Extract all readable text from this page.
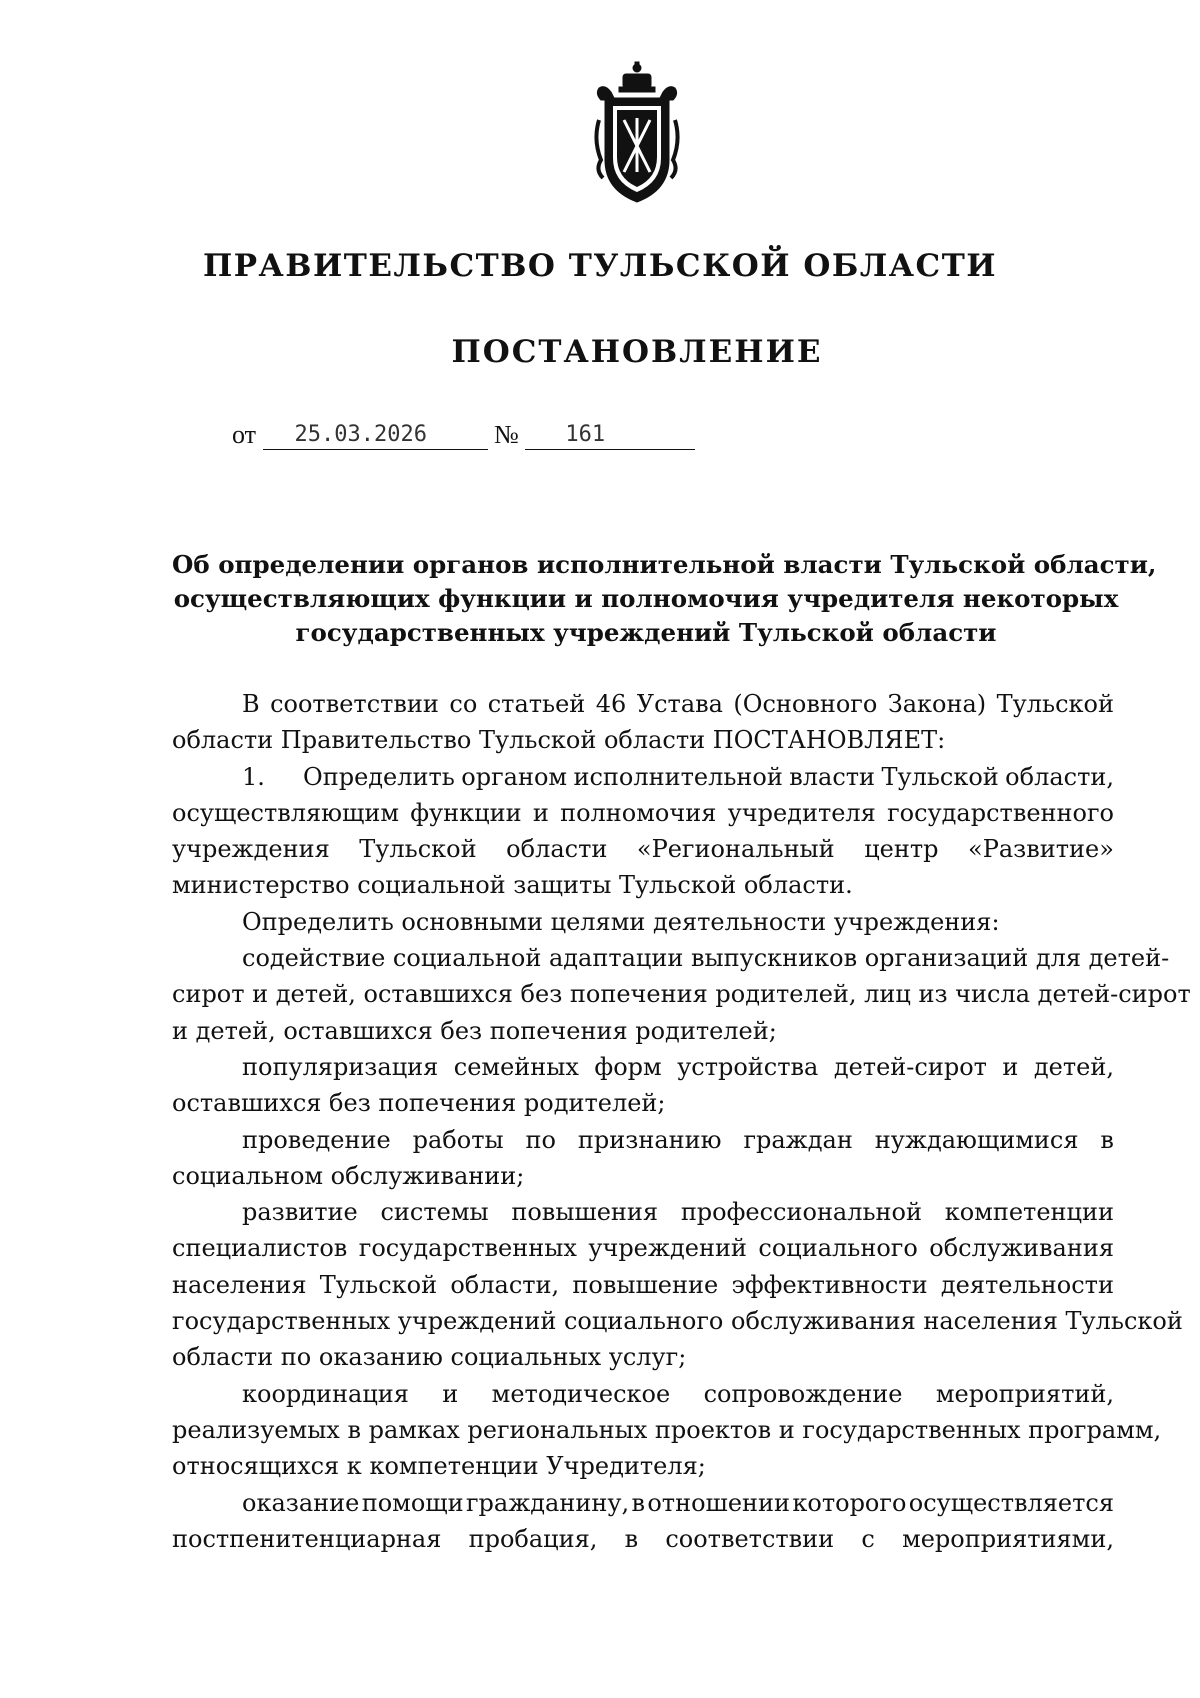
ПРАВИТЕЛЬСТВО ТУЛЬСКОЙ ОБЛАСТИ
ПОСТАНОВЛЕНИЕ
от 25.03.2026	№ 161
Об определении органов исполнительной власти Тульской области,
осуществляющих функции и полномочия учредителя некоторых
государственных учреждений Тульской области
В соответствии со статьей 46 Устава (Основного Закона) Тульской
области Правительство Тульской области ПОСТАНОВЛЯЕТ:
1.     Определить органом исполнительной власти Тульской области,
осуществляющим функции и полномочия учредителя государственного
учреждения Тульской области «Региональный центр «Развитие»
министерство социальной защиты Тульской области.
Определить основными целями деятельности учреждения:
содействие социальной адаптации выпускников организаций для детей-
сирот и детей, оставшихся без попечения родителей, лиц из числа детей-сирот
и детей, оставшихся без попечения родителей;
популяризация семейных форм устройства детей-сирот и детей,
оставшихся без попечения родителей;
проведение работы по признанию граждан нуждающимися в
социальном обслуживании;
развитие системы повышения профессиональной компетенции
специалистов государственных учреждений социального обслуживания
населения Тульской области, повышение эффективности деятельности
государственных учреждений социального обслуживания населения Тульской
области по оказанию социальных услуг;
координация и методическое сопровождение мероприятий,
реализуемых в рамках региональных проектов и государственных программ,
относящихся к компетенции Учредителя;
оказание помощи гражданину, в отношении которого осуществляется
постпенитенциарная пробация, в соответствии с мероприятиями,
